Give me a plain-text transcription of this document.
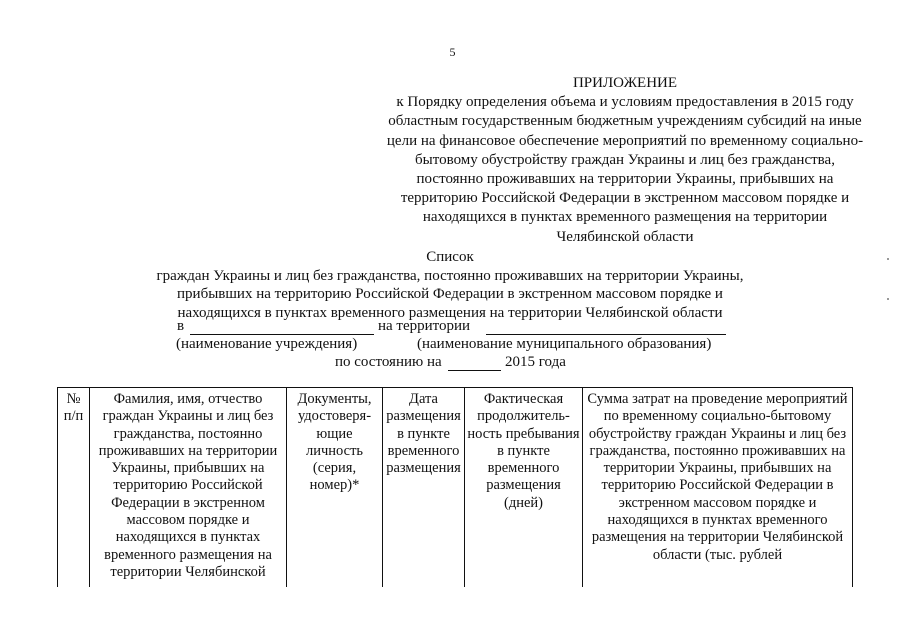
5
ПРИЛОЖЕНИЕ
к Порядку определения объема и условиям предоставления в 2015 году областным государственным бюджетным учреждениям субсидий на иные цели на финансовое обеспечение мероприятий по временному социально-бытовому обустройству граждан Украины и лиц без гражданства, постоянно проживавших на территории Украины, прибывших на территорию Российской Федерации в экстренном массовом порядке и находящихся в пунктах временного размещения на территории Челябинской области
Список
граждан Украины и лиц без гражданства, постоянно проживавших на территории Украины,
прибывших на территорию Российской Федерации в экстренном массовом порядке и
находящихся в пунктах временного размещения на территории Челябинской области
в	на территории
(наименование учреждения)	(наименование муниципального образования)
по состоянию на	2015 года
№ п/п	Фамилия, имя, отчество граждан Украины и лиц без гражданства, постоянно проживавших на территории Украины, прибывших на территорию Российской Федерации в экстренном массовом порядке и находящихся в пунктах временного размещения на территории Челябинской	Документы, удостоверя-ющие личность (серия, номер)*	Дата размещения в пункте временного размещения	Фактическая продолжитель-ность пребывания в пункте временного размещения (дней)	Сумма затрат на проведение мероприятий по временному социально-бытовому обустройству граждан Украины и лиц без гражданства, постоянно проживавших на территории Украины, прибывших на территорию Российской Федерации в экстренном массовом порядке и находящихся в пунктах временного размещения на территории Челябинской области (тыс. рублей
